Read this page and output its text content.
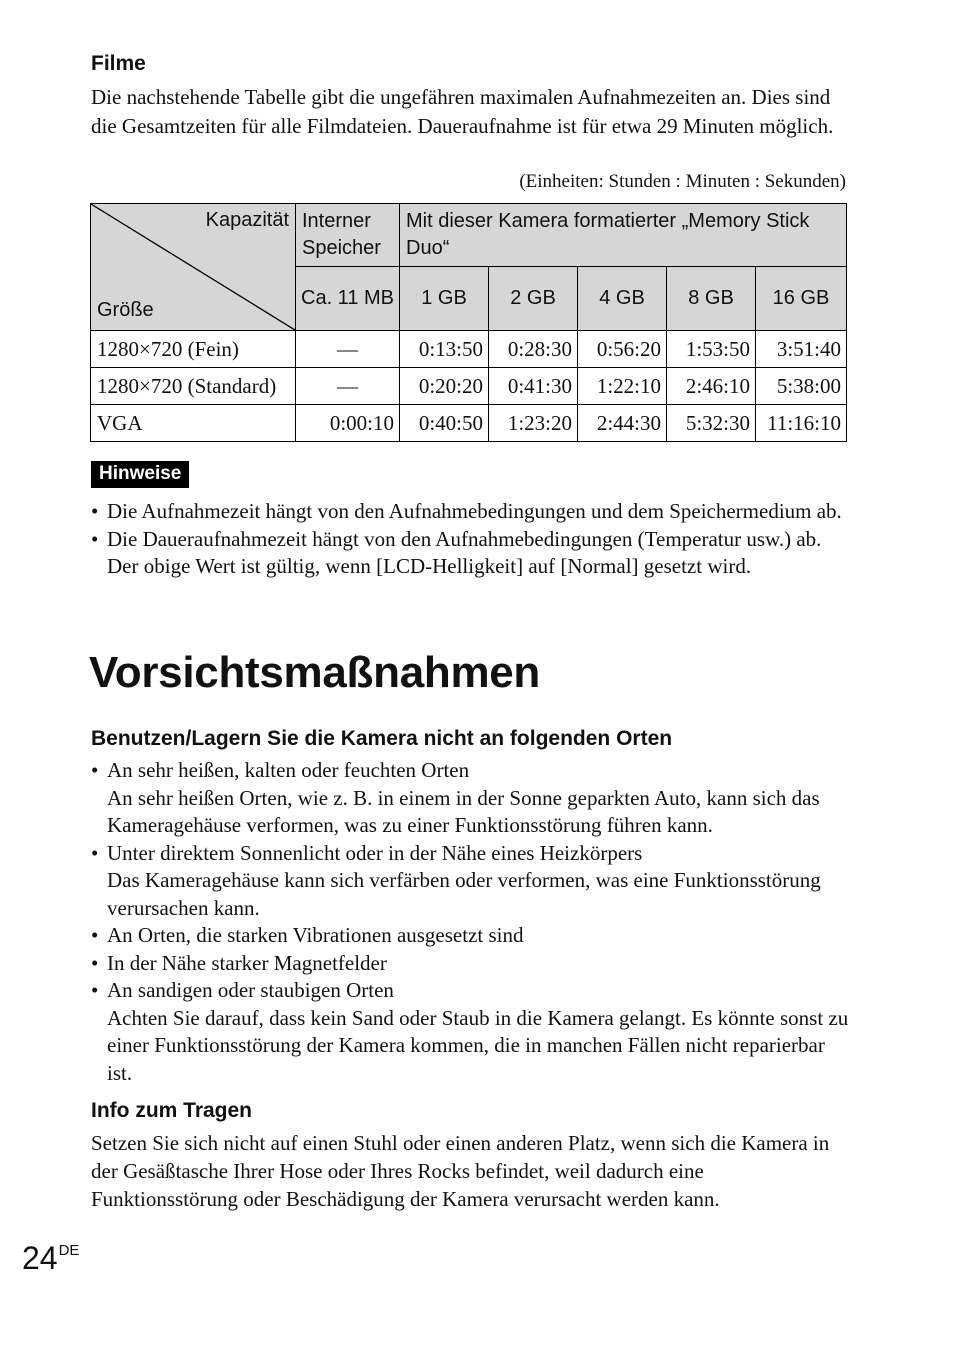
Filme
Die nachstehende Tabelle gibt die ungefähren maximalen Aufnahmezeiten an. Dies sind die Gesamtzeiten für alle Filmdateien. Daueraufnahme ist für etwa 29 Minuten möglich.
(Einheiten: Stunden : Minuten : Sekunden)
Kapazität
Größe	Interner Speicher	Mit dieser Kamera formatierter „Memory Stick Duo“				
	Ca. 11 MB	1 GB	2 GB	4 GB	8 GB	16 GB
1280×720 (Fein)	—	0:13:50	0:28:30	0:56:20	1:53:50	3:51:40
1280×720 (Standard)	—	0:20:20	0:41:30	1:22:10	2:46:10	5:38:00
VGA	0:00:10	0:40:50	1:23:20	2:44:30	5:32:30	11:16:10
Hinweise
• Die Aufnahmezeit hängt von den Aufnahmebedingungen und dem Speichermedium ab.
• Die Daueraufnahmezeit hängt von den Aufnahmebedingungen (Temperatur usw.) ab. Der obige Wert ist gültig, wenn [LCD-Helligkeit] auf [Normal] gesetzt wird.
Vorsichtsmaßnahmen
Benutzen/Lagern Sie die Kamera nicht an folgenden Orten
• An sehr heißen, kalten oder feuchten Orten
An sehr heißen Orten, wie z. B. in einem in der Sonne geparkten Auto, kann sich das Kameragehäuse verformen, was zu einer Funktionsstörung führen kann.
• Unter direktem Sonnenlicht oder in der Nähe eines Heizkörpers
Das Kameragehäuse kann sich verfärben oder verformen, was eine Funktionsstörung verursachen kann.
• An Orten, die starken Vibrationen ausgesetzt sind
• In der Nähe starker Magnetfelder
• An sandigen oder staubigen Orten
Achten Sie darauf, dass kein Sand oder Staub in die Kamera gelangt. Es könnte sonst zu einer Funktionsstörung der Kamera kommen, die in manchen Fällen nicht reparierbar ist.
Info zum Tragen
Setzen Sie sich nicht auf einen Stuhl oder einen anderen Platz, wenn sich die Kamera in der Gesäßtasche Ihrer Hose oder Ihres Rocks befindet, weil dadurch eine Funktionsstörung oder Beschädigung der Kamera verursacht werden kann.
24DE
